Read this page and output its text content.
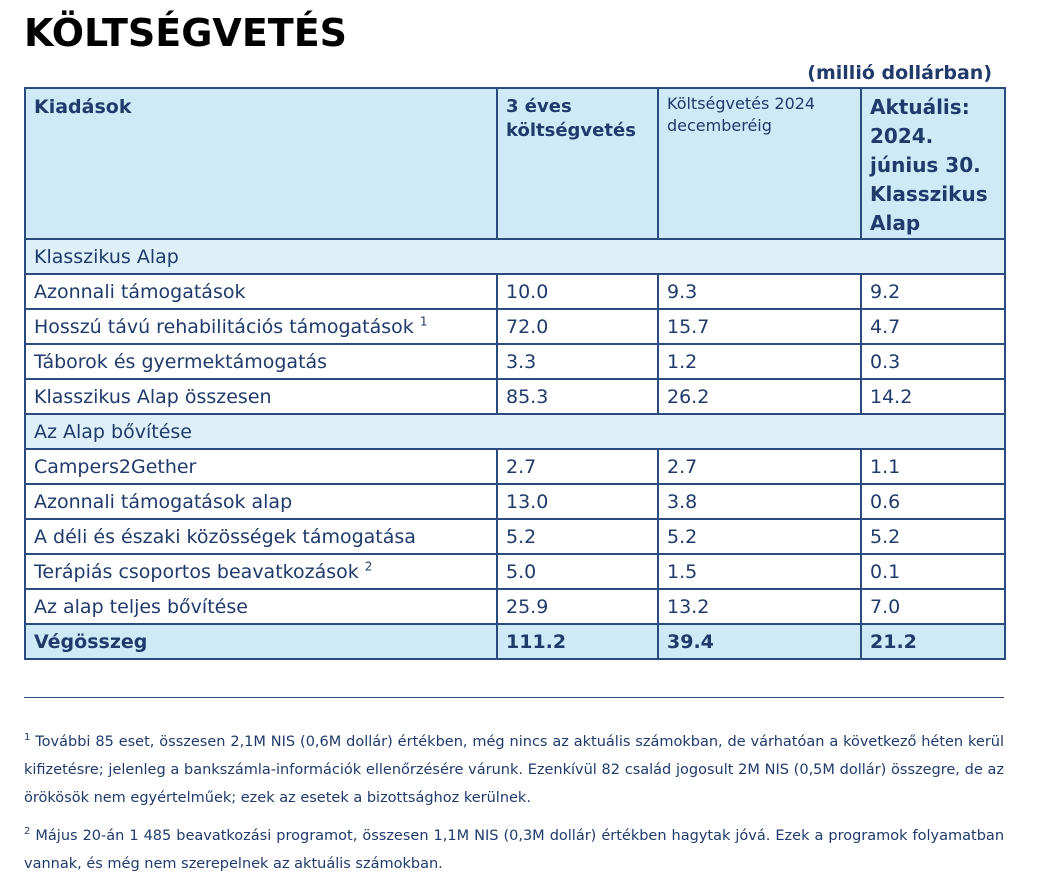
KÖLTSÉGVETÉS
(millió dollárban)
Kiadások	3 éves költségvetés	Költségvetés 2024 decemberéig	Aktuális: 2024. június 30. Klasszikus Alap
Klasszikus Alap			
Azonnali támogatások	10.0	9.3	9.2
Hosszú távú rehabilitációs támogatások $^1$	72.0	15.7	4.7
Táborok és gyermektámogatás	3.3	1.2	0.3
Klasszikus Alap összesen	85.3	26.2	14.2
Az Alap bővítése			
Campers2Gether	2.7	2.7	1.1
Azonnali támogatások alap	13.0	3.8	0.6
A déli és északi közösségek támogatása	5.2	5.2	5.2
Terápiás csoportos beavatkozások $^2$	5.0	1.5	0.1
Az alap teljes bővítése	25.9	13.2	7.0
Végösszeg	111.2	39.4	21.2
$^1$ További 85 eset, összesen 2,1M NIS (0,6M dollár) értékben, még nincs az aktuális számokban, de várhatóan a következő héten kerül kifizetésre; jelenleg a bankszámla-információk ellenőrzésére várunk. Ezenkívül 82 család jogosult 2M NIS (0,5M dollár) összegre, de az örökösök nem egyértelműek; ezek az esetek a bizottsághoz kerülnek.
$^2$ Május 20-án 1 485 beavatkozási programot, összesen 1,1M NIS (0,3M dollár) értékben hagytak jóvá. Ezek a programok folyamatban vannak, és még nem szerepelnek az aktuális számokban.
